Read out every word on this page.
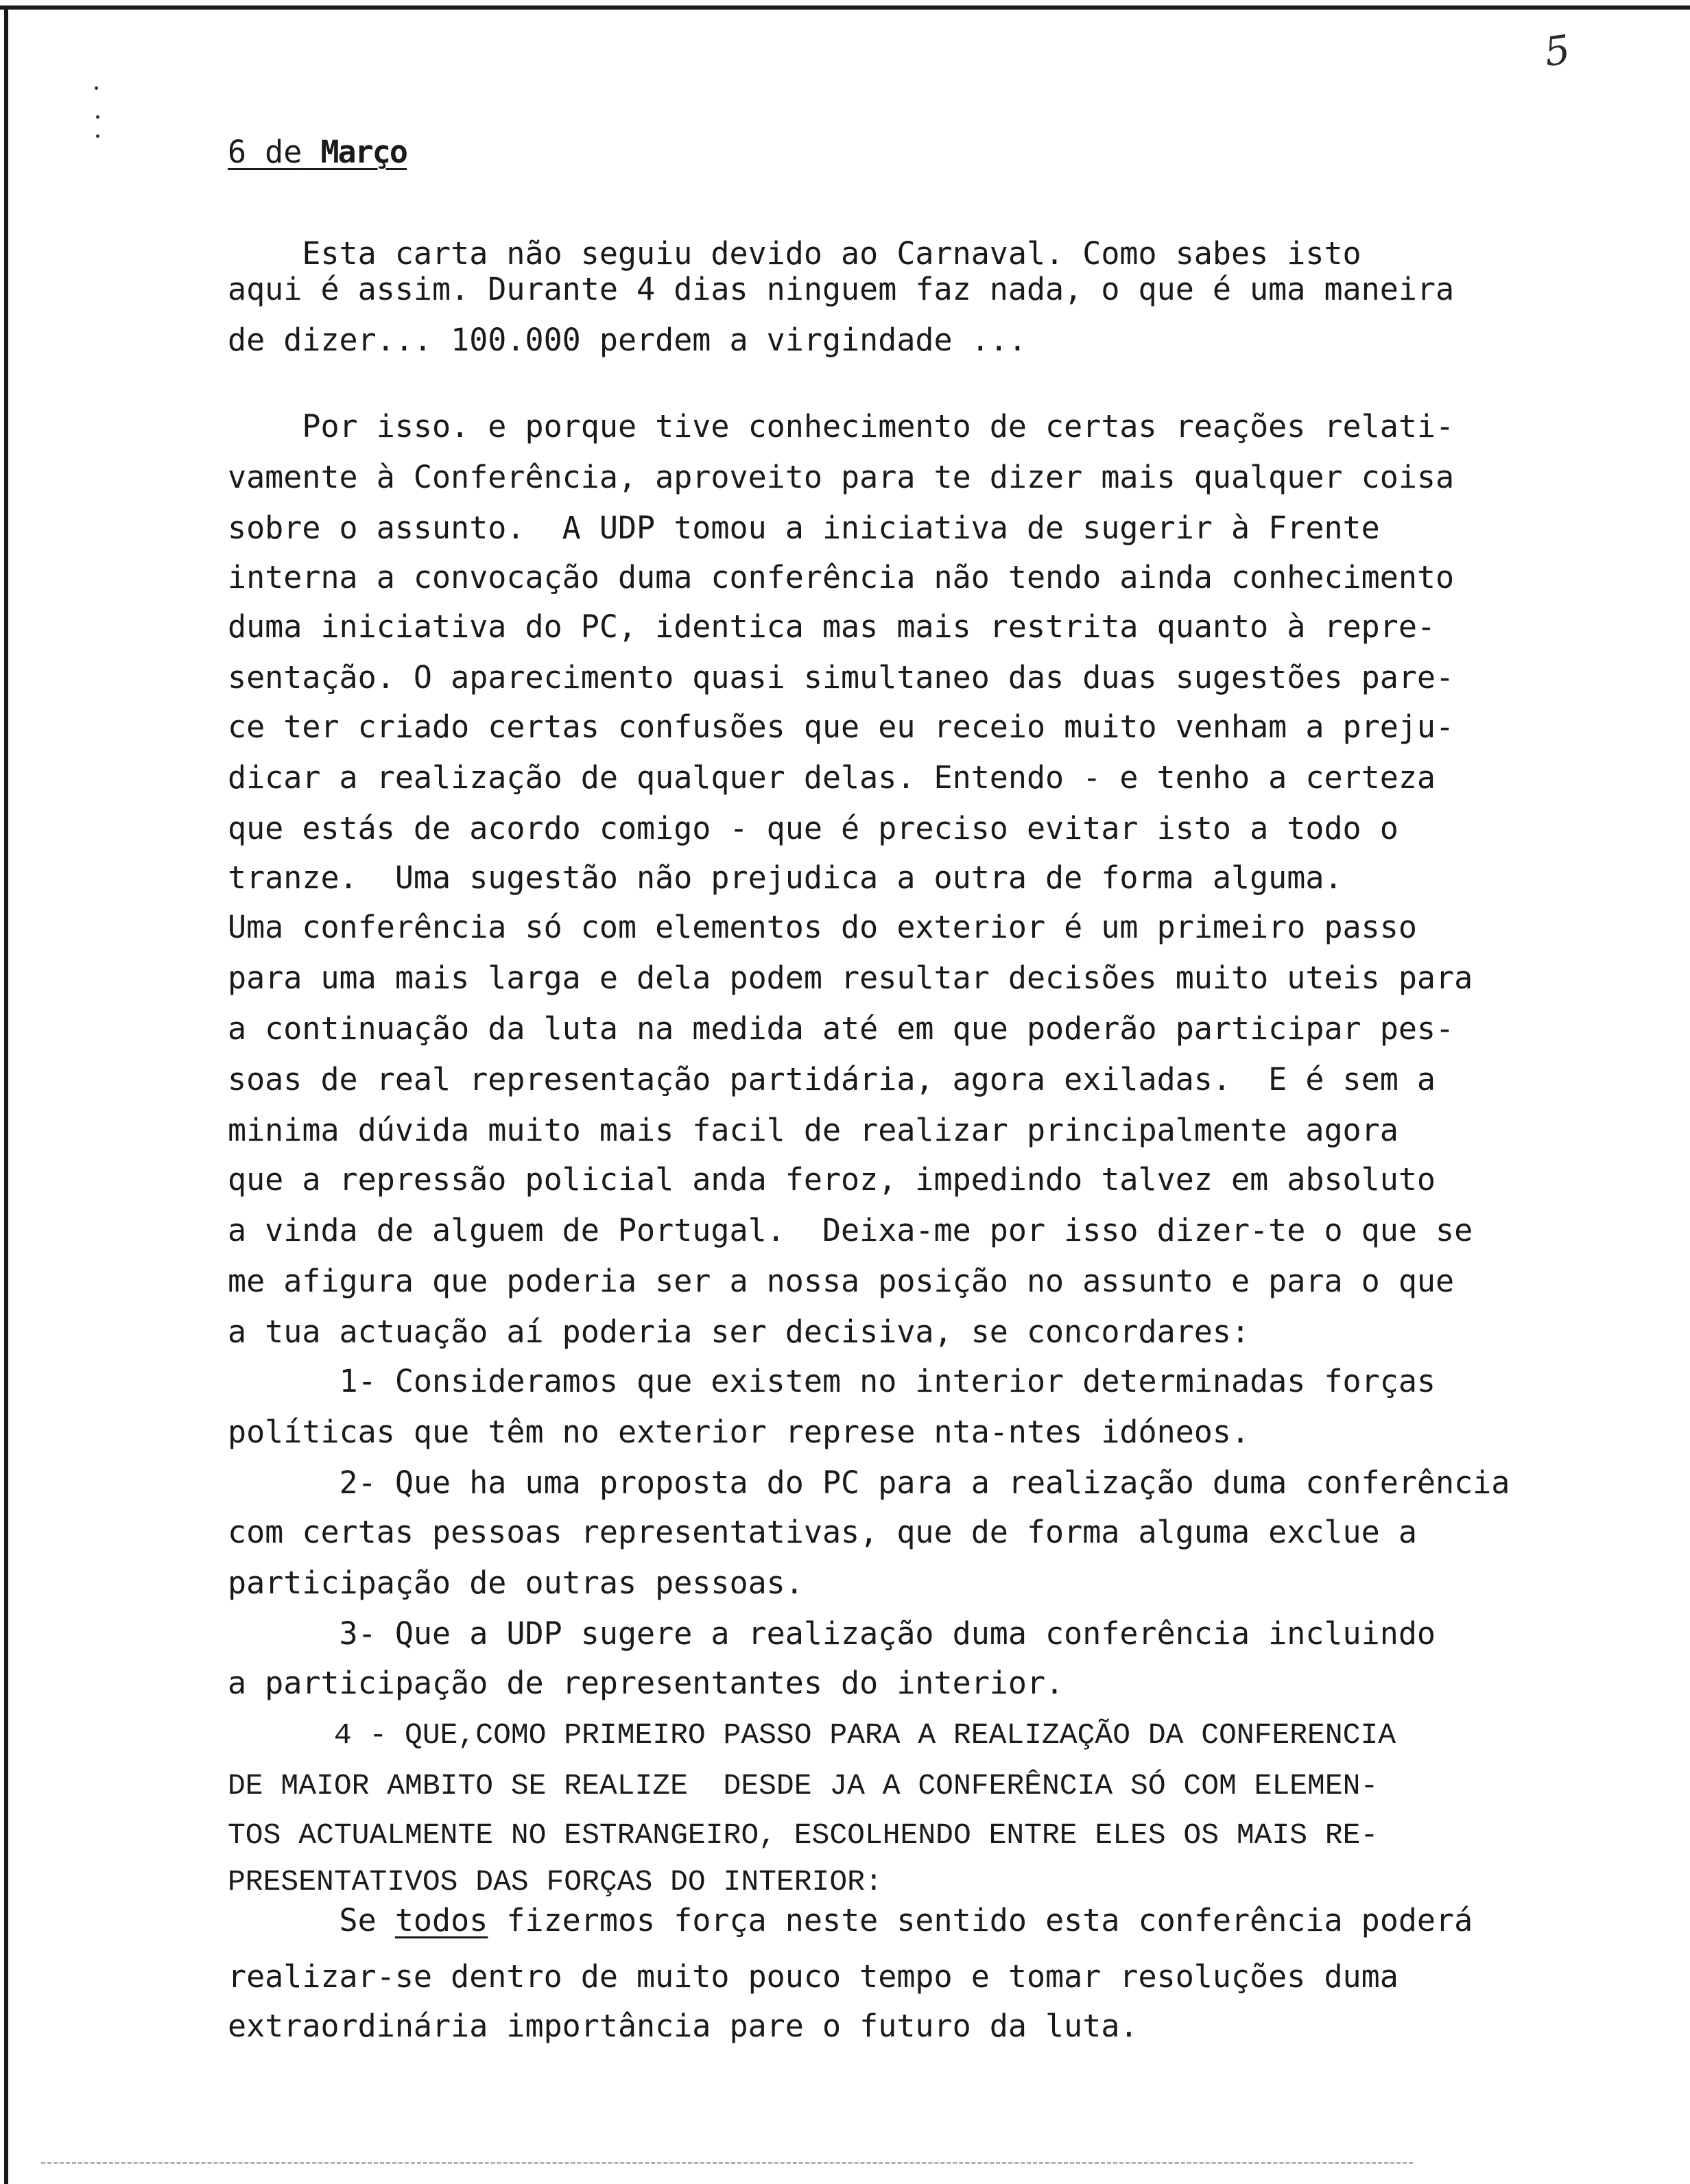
5
6 de Março

Esta carta não seguiu devido ao Carnaval. Como sabes isto

aqui é assim. Durante 4 dias ninguem faz nada, o que é uma maneira

de dizer... 100.000 perdem a virgindade ...

Por isso. e porque tive conhecimento de certas reações relati-

vamente à Conferência, aproveito para te dizer mais qualquer coisa

sobre o assunto.  A UDP tomou a iniciativa de sugerir à Frente

interna a convocação duma conferência não tendo ainda conhecimento

duma iniciativa do PC, identica mas mais restrita quanto à repre-

sentação. O aparecimento quasi simultaneo das duas sugestões pare-

ce ter criado certas confusões que eu receio muito venham a preju-

dicar a realização de qualquer delas. Entendo - e tenho a certeza

que estás de acordo comigo - que é preciso evitar isto a todo o

tranze.  Uma sugestão não prejudica a outra de forma alguma.

Uma conferência só com elementos do exterior é um primeiro passo

para uma mais larga e dela podem resultar decisões muito uteis para

a continuação da luta na medida até em que poderão participar pes-

soas de real representação partidária, agora exiladas.  E é sem a

minima dúvida muito mais facil de realizar principalmente agora

que a repressão policial anda feroz, impedindo talvez em absoluto

a vinda de alguem de Portugal.  Deixa-me por isso dizer-te o que se

me afigura que poderia ser a nossa posição no assunto e para o que

a tua actuação aí poderia ser decisiva, se concordares:

1- Consideramos que existem no interior determinadas forças

políticas que têm no exterior represe nta-ntes idóneos.

2- Que ha uma proposta do PC para a realização duma conferência

com certas pessoas representativas, que de forma alguma exclue a

participação de outras pessoas.

3- Que a UDP sugere a realização duma conferência incluindo

a participação de representantes do interior.

4 - QUE,COMO PRIMEIRO PASSO PARA A REALIZAÇÃO DA CONFERENCIA

DE MAIOR AMBITO SE REALIZE  DESDE JA A CONFERÊNCIA SÓ COM ELEMEN-

TOS ACTUALMENTE NO ESTRANGEIRO, ESCOLHENDO ENTRE ELES OS MAIS RE-

PRESENTATIVOS DAS FORÇAS DO INTERIOR:

Se todos fizermos força neste sentido esta conferência poderá

realizar-se dentro de muito pouco tempo e tomar resoluções duma

extraordinária importância pare o futuro da luta.
